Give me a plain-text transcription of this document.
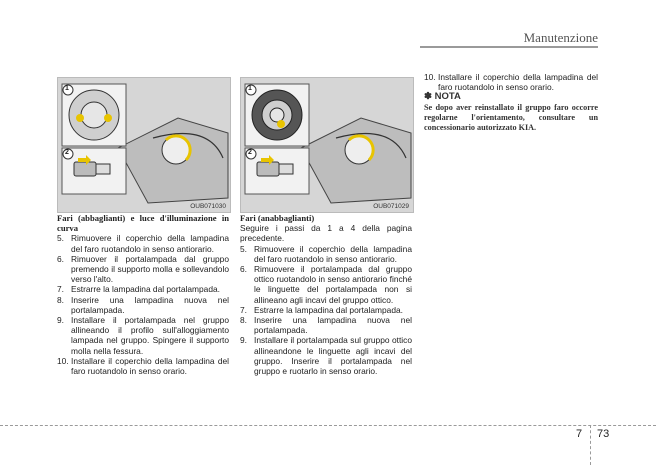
Manutenzione
1
2
OUB071030
1
2
OUB071029

Fari (abbaglianti) e luce d'illuminazione in curva

5. Rimuovere il coperchio della lampadina del faro ruotandolo in senso antiorario.
6. Rimuover il portalampada dal gruppo premendo il supporto molla e sollevandolo verso l'alto.
7. Estrarre la lampadina dal portalampada.
8. Inserire una lampadina nuova nel portalampada.
9. Installare il portalampada nel gruppo allineando il profilo sull'alloggiamento lampada nel gruppo. Spingere il supporto molla nella fessura.
10. Installare il coperchio della lampadina del faro ruotandolo in senso orario.

Fari (anabbaglianti)

Seguire i passi da 1 a 4 della pagina precedente.

5. Rimuovere il coperchio della lampadina del faro ruotandolo in senso antiorario.
6. Rimuovere il portalampada dal gruppo ottico ruotandolo in senso antiorario finché le linguette del portalampada non si allineano agli incavi del gruppo ottico.
7. Estrarre la lampadina dal portalampada.
8. Inserire una lampadina nuova nel portalampada.
9. Installare il portalampada sul gruppo ottico allineandone le linguette agli incavi del gruppo. Inserire il portalampada nel gruppo e ruotarlo in senso orario.
10. Installare il coperchio della lampadina del faro ruotandolo in senso orario.

✽ NOTA

Se dopo aver reinstallato il gruppo faro occorre regolarne l'orientamento, consultare un concessionario autorizzato KIA.

7 73
